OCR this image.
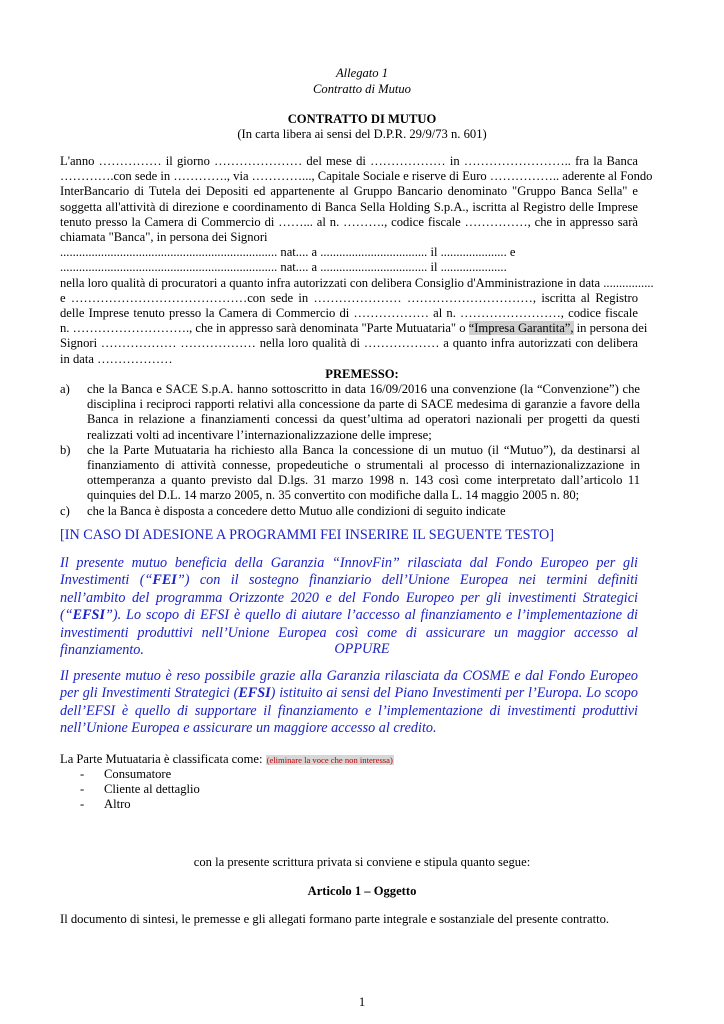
Allegato 1
Contratto di Mutuo
CONTRATTO DI MUTUO
(In carta libera ai sensi del D.P.R. 29/9/73 n. 601)
L'anno …………… il giorno ………………… del mese di ……………… in …………………….. fra la Banca
………….con sede in …………., via …………..., Capitale Sociale e riserve di Euro …………….. aderente al Fondo
InterBancario di Tutela dei Depositi ed appartenente al Gruppo Bancario denominato "Gruppo Banca Sella" e
soggetta all'attività di direzione e coordinamento di Banca Sella Holding S.p.A., iscritta al Registro delle Imprese
tenuto presso la Camera di Commercio di ……... al n. ………., codice fiscale ……………, che in appresso sarà
chiamata "Banca", in persona dei Signori
..................................................................... nat.... a .................................. il ..................... e
..................................................................... nat.... a .................................. il .....................
nella loro qualità di procuratori a quanto infra autorizzati con delibera Consiglio d'Amministrazione in data ................
e ……………………………………con sede in ………………… …………………………, iscritta al Registro
delle Imprese tenuto presso la Camera di Commercio di ……………… al n. ……………………, codice fiscale
n. ………………………., che in appresso sarà denominata "Parte Mutuataria" o “Impresa Garantita”, in persona dei
Signori ……………… ……………… nella loro qualità di ……………… a quanto infra autorizzati con delibera
in data ………………
PREMESSO:
a) che la Banca e SACE S.p.A. hanno sottoscritto in data 16/09/2016 una convenzione (la “Convenzione”) che disciplina i reciproci rapporti relativi alla concessione da parte di SACE medesima di garanzie a favore della Banca in relazione a finanziamenti concessi da quest’ultima ad operatori nazionali per progetti da questi realizzati volti ad incentivare l’internazionalizzazione delle imprese;
b) che la Parte Mutuataria ha richiesto alla Banca la concessione di un mutuo (il “Mutuo”), da destinarsi al finanziamento di attività connesse, propedeutiche o strumentali al processo di internazionalizzazione in ottemperanza a quanto previsto dal D.lgs. 31 marzo 1998 n. 143 così come interpretato dall’articolo 11 quinquies del D.L. 14 marzo 2005, n. 35 convertito con modifiche dalla L. 14 maggio 2005 n. 80;
c) che la Banca è disposta a concedere detto Mutuo alle condizioni di seguito indicate
[IN CASO DI ADESIONE A PROGRAMMI FEI INSERIRE IL SEGUENTE TESTO]
Il presente mutuo beneficia della Garanzia “InnovFin” rilasciata dal Fondo Europeo per gli Investimenti (“FEI”) con il sostegno finanziario dell’Unione Europea nei termini definiti nell’ambito del programma Orizzonte 2020 e del Fondo Europeo per gli investimenti Strategici (“EFSI”). Lo scopo di EFSI è quello di aiutare l’accesso al finanziamento e l’implementazione di investimenti produttivi nell’Unione Europea così come di assicurare un maggior accesso al finanziamento.	OPPURE
Il presente mutuo è reso possibile grazie alla Garanzia rilasciata da COSME e dal Fondo Europeo per gli Investimenti Strategici (EFSI) istituito ai sensi del Piano Investimenti per l’Europa. Lo scopo dell’EFSI è quello di supportare il finanziamento e l’implementazione di investimenti produttivi nell’Unione Europea e assicurare un maggiore accesso al credito.
La Parte Mutuataria è classificata come: (eliminare la voce che non interessa)
- Consumatore
- Cliente al dettaglio
- Altro
con la presente scrittura privata si conviene e stipula quanto segue:
Articolo 1 – Oggetto
Il documento di sintesi, le premesse e gli allegati formano parte integrale e sostanziale del presente contratto.
1
